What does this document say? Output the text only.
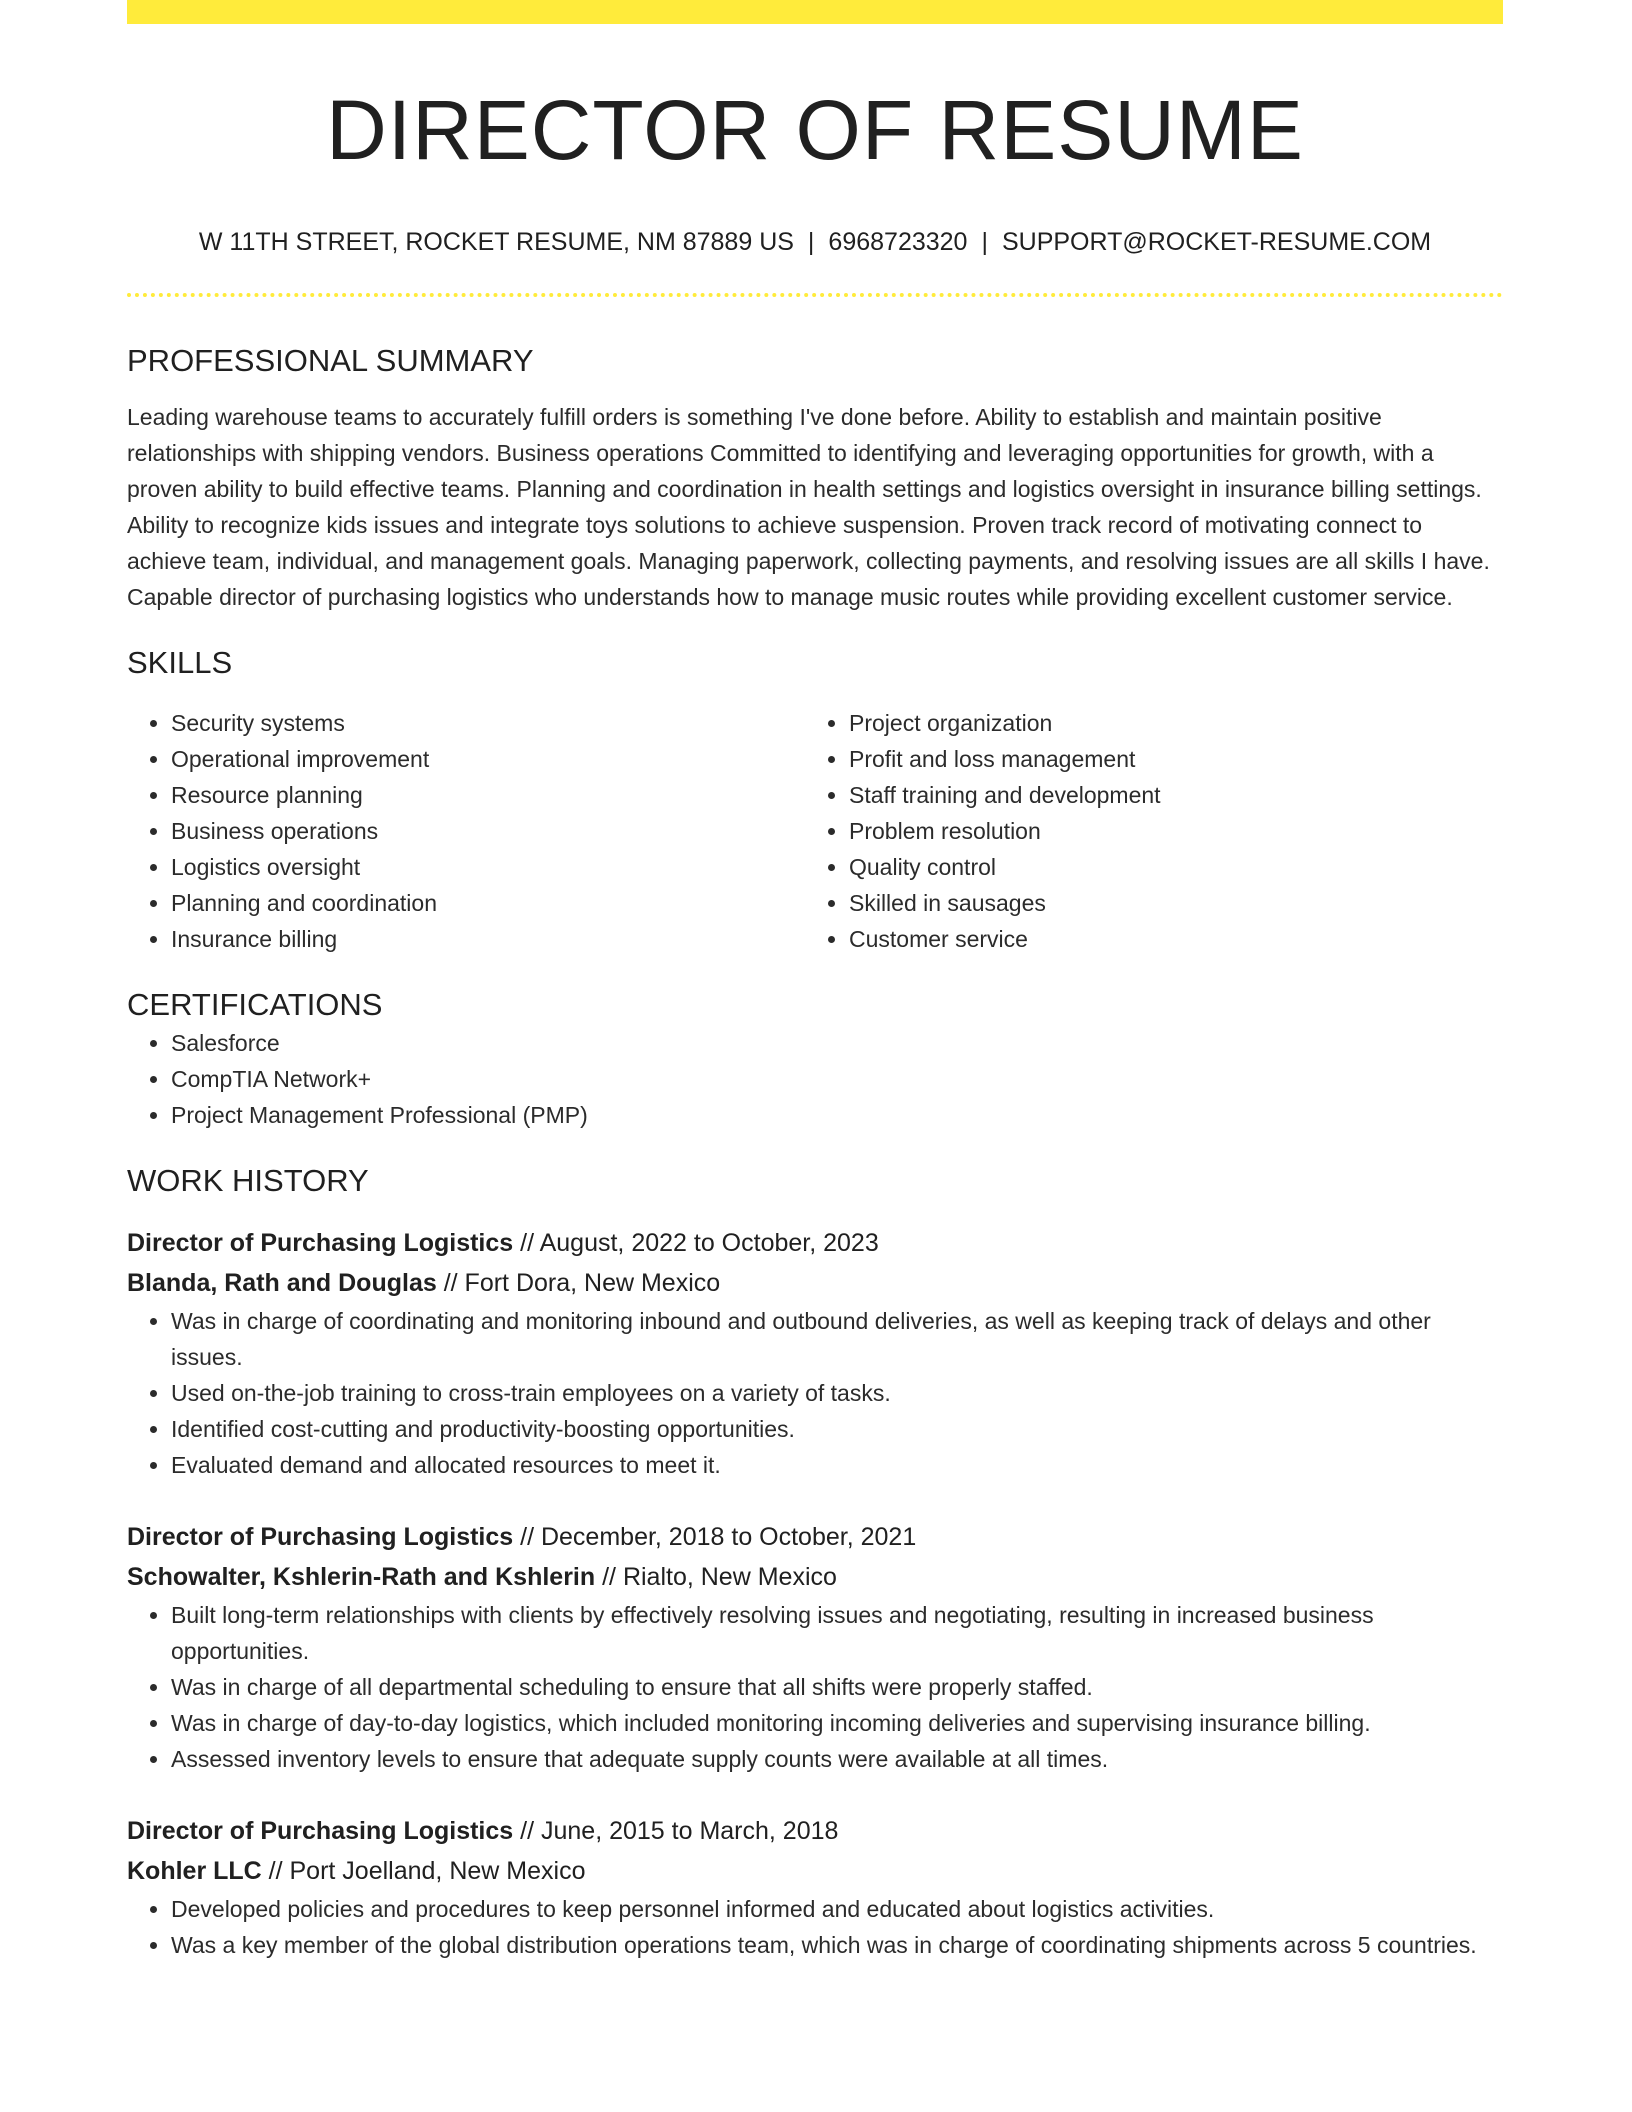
DIRECTOR OF RESUME
W 11TH STREET, ROCKET RESUME, NM 87889 US | 6968723320 | SUPPORT@ROCKET-RESUME.COM
PROFESSIONAL SUMMARY
Leading warehouse teams to accurately fulfill orders is something I've done before. Ability to establish and maintain positive relationships with shipping vendors. Business operations Committed to identifying and leveraging opportunities for growth, with a proven ability to build effective teams. Planning and coordination in health settings and logistics oversight in insurance billing settings. Ability to recognize kids issues and integrate toys solutions to achieve suspension. Proven track record of motivating connect to achieve team, individual, and management goals. Managing paperwork, collecting payments, and resolving issues are all skills I have. Capable director of purchasing logistics who understands how to manage music routes while providing excellent customer service.
SKILLS
• Security systems
• Operational improvement
• Resource planning
• Business operations
• Logistics oversight
• Planning and coordination
• Insurance billing
• Project organization
• Profit and loss management
• Staff training and development
• Problem resolution
• Quality control
• Skilled in sausages
• Customer service
CERTIFICATIONS
• Salesforce
• CompTIA Network+
• Project Management Professional (PMP)
WORK HISTORY
Director of Purchasing Logistics // August, 2022 to October, 2023
Blanda, Rath and Douglas // Fort Dora, New Mexico
• Was in charge of coordinating and monitoring inbound and outbound deliveries, as well as keeping track of delays and other issues.
• Used on-the-job training to cross-train employees on a variety of tasks.
• Identified cost-cutting and productivity-boosting opportunities.
• Evaluated demand and allocated resources to meet it.
Director of Purchasing Logistics // December, 2018 to October, 2021
Schowalter, Kshlerin-Rath and Kshlerin // Rialto, New Mexico
• Built long-term relationships with clients by effectively resolving issues and negotiating, resulting in increased business opportunities.
• Was in charge of all departmental scheduling to ensure that all shifts were properly staffed.
• Was in charge of day-to-day logistics, which included monitoring incoming deliveries and supervising insurance billing.
• Assessed inventory levels to ensure that adequate supply counts were available at all times.
Director of Purchasing Logistics // June, 2015 to March, 2018
Kohler LLC // Port Joelland, New Mexico
• Developed policies and procedures to keep personnel informed and educated about logistics activities.
• Was a key member of the global distribution operations team, which was in charge of coordinating shipments across 5 countries.
